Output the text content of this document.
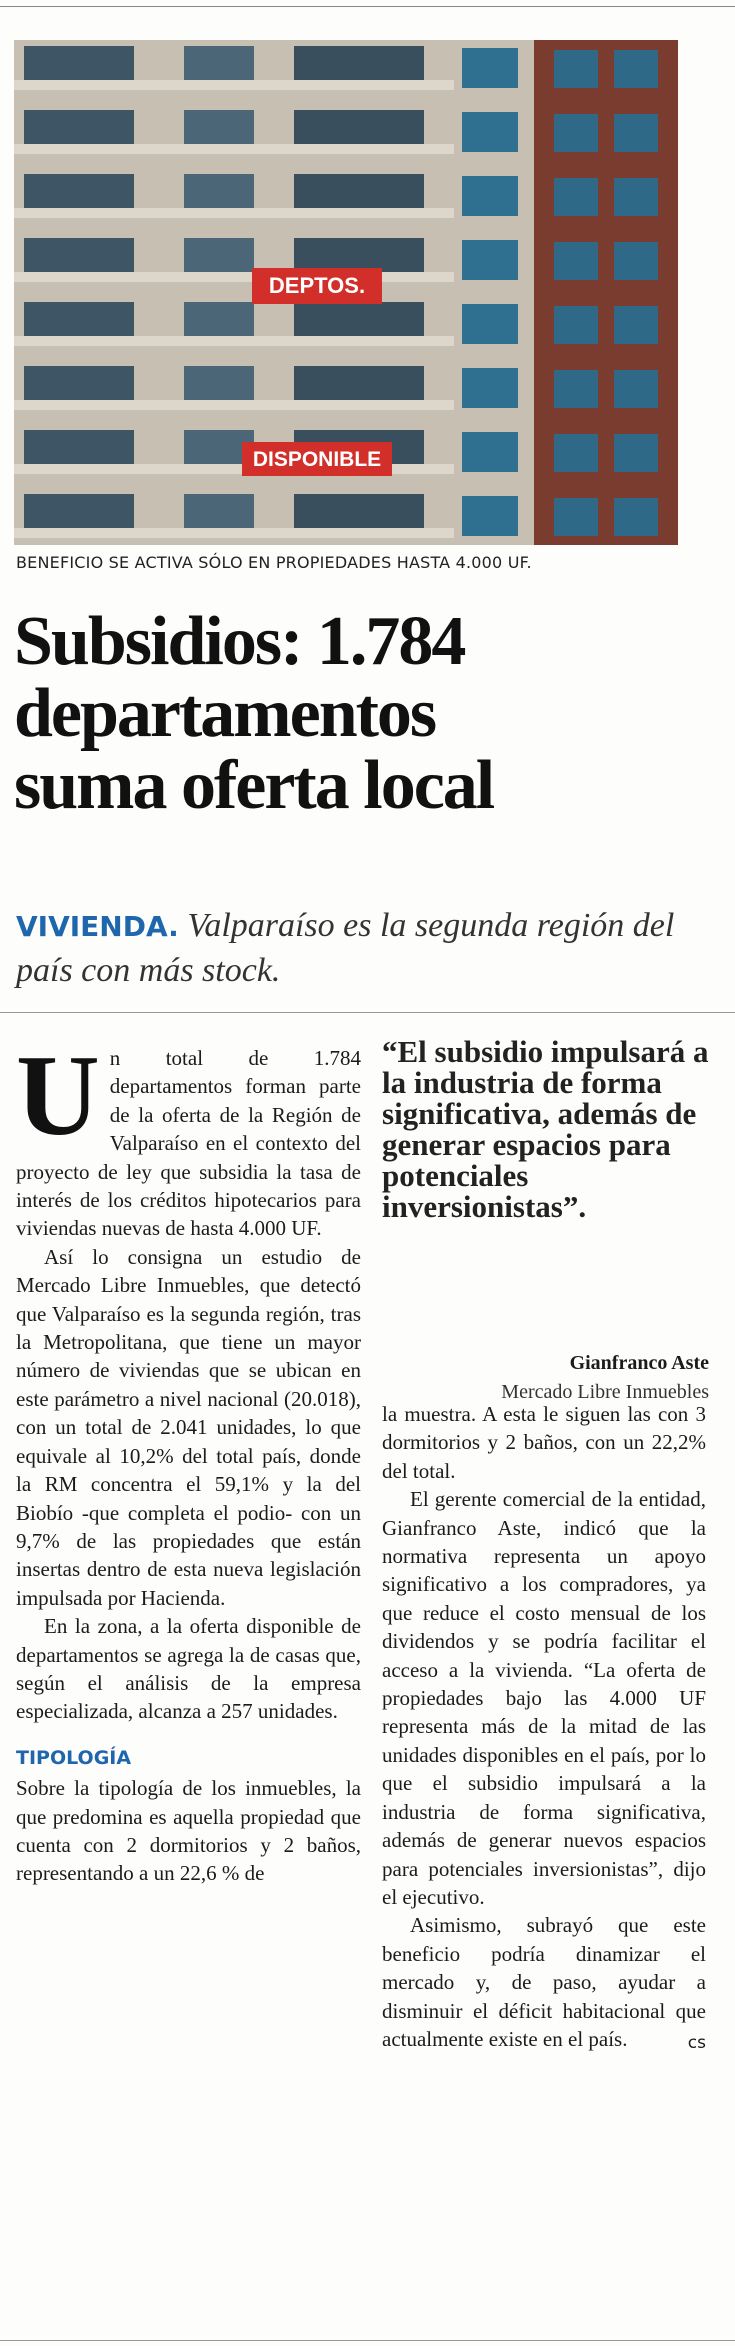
DEPTOS.
DISPONIBLE
BENEFICIO SE ACTIVA SÓLO EN PROPIEDADES HASTA 4.000 UF.
Subsidios: 1.784
departamentos
suma oferta local
VIVIENDA. Valparaíso es la segunda región del país con más stock.

Un total de 1.784 departamentos forman parte de la oferta de la Región de Valparaíso en el contexto del proyecto de ley que subsidia la tasa de interés de los créditos hipotecarios para viviendas nuevas de hasta 4.000 UF.

Así lo consigna un estudio de Mercado Libre Inmuebles, que detectó que Valparaíso es la segunda región, tras la Metropolitana, que tiene un mayor número de viviendas que se ubican en este parámetro a nivel nacional (20.018), con un total de 2.041 unidades, lo que equivale al 10,2% del total país, donde la RM concentra el 59,1% y la del Biobío -que completa el podio- con un 9,7% de las propiedades que están insertas dentro de esta nueva legislación impulsada por Hacienda.

En la zona, a la oferta disponible de departamentos se agrega la de casas que, según el análisis de la empresa especializada, alcanza a 257 unidades.

TIPOLOGÍA

Sobre la tipología de los inmuebles, la que predomina es aquella propiedad que cuenta con 2 dormitorios y 2 baños, representando a un 22,6 % de

“El subsidio impulsará a la industria de forma significativa, además de generar espacios para potenciales inversionistas”.
Gianfranco Aste
Mercado Libre Inmuebles

la muestra. A esta le siguen las con 3 dormitorios y 2 baños, con un 22,2% del total.

El gerente comercial de la entidad, Gianfranco Aste, indicó que la normativa representa un apoyo significativo a los compradores, ya que reduce el costo mensual de los dividendos y se podría facilitar el acceso a la vivienda. “La oferta de propiedades bajo las 4.000 UF representa más de la mitad de las unidades disponibles en el país, por lo que el subsidio impulsará a la industria de forma significativa, además de generar nuevos espacios para potenciales inversionistas”, dijo el ejecutivo.

Asimismo, subrayó que este beneficio podría dinamizar el mercado y, de paso, ayudar a disminuir el déficit habitacional que actualmente existe en el país.	cs
